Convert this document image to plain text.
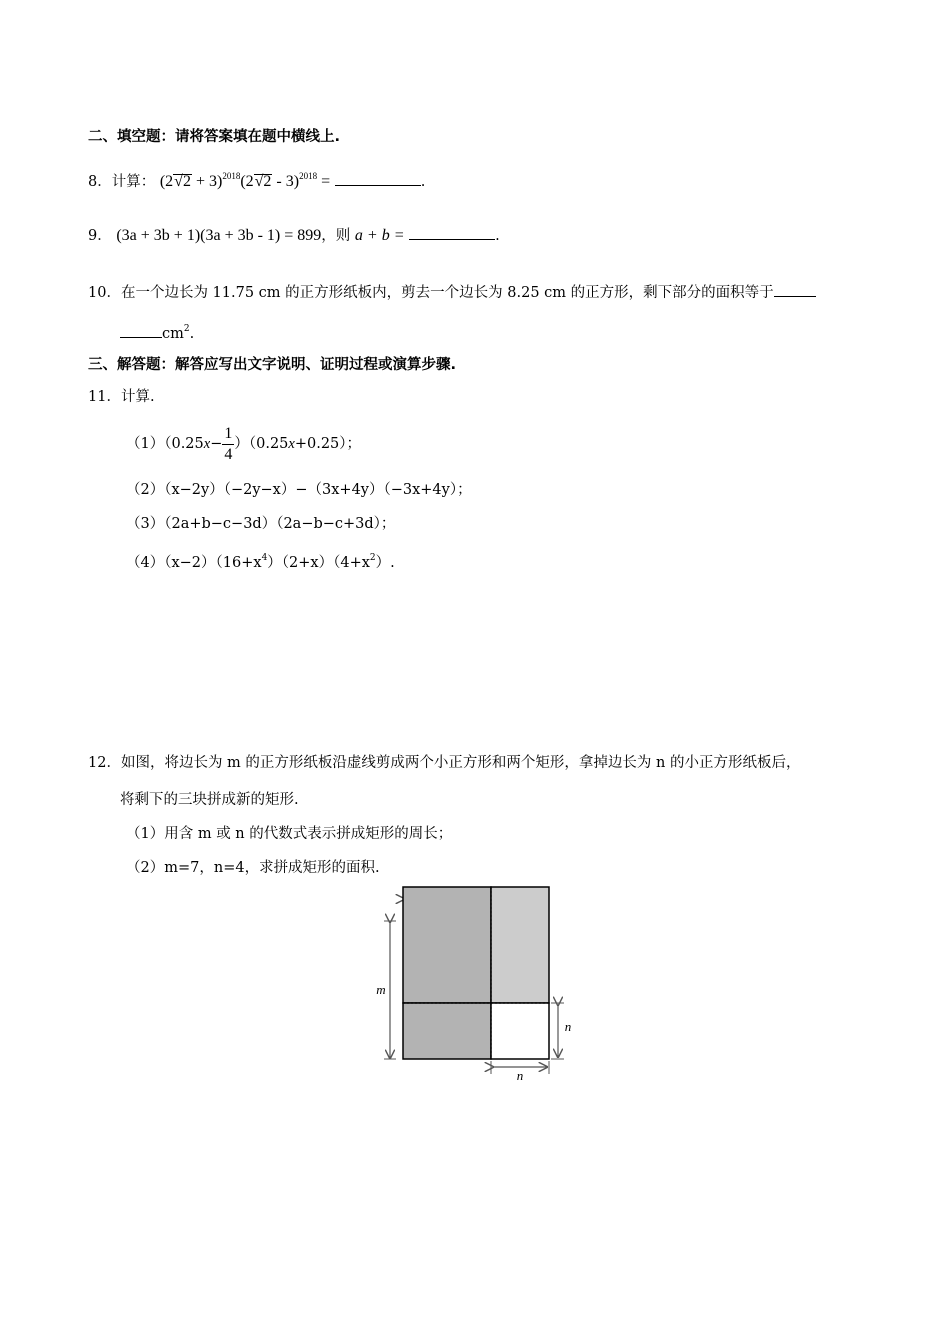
二、填空题：请将答案填在题中横线上.
8．计算： $(2√2 + 3)^{2018}(2√2 - 3)^{2018}$ =	.
9． (3a + 3b + 1)(3a + 3b - 1) = 899，则 a + b =	.
10．在一个边长为 11.75 cm 的正方形纸板内，剪去一个边长为 8.25 cm 的正方形，剩下部分的面积等于
$cm^2$.
三、解答题：解答应写出文字说明、证明过程或演算步骤.
11．计算.
$(1)(0.25x- \frac{1}{4} )(0.25x+0.25)$；
（2）（x−2y）（−2y−x）−（3x+4y）（−3x+4y）；
（3）（2a+b−c−3d）（2a−b−c+3d）；
$(4)(x-2)(16+x^4)(2+x)(4+x^2)$.
12．如图，将边长为 m 的正方形纸板沿虚线剪成两个小正方形和两个矩形，拿掉边长为 n 的小正方形纸板后，
将剩下的三块拼成新的矩形.
（1）用含 m 或 n 的代数式表示拼成矩形的周长；
（2）m=7，n=4，求拼成矩形的面积.
m
n
n
